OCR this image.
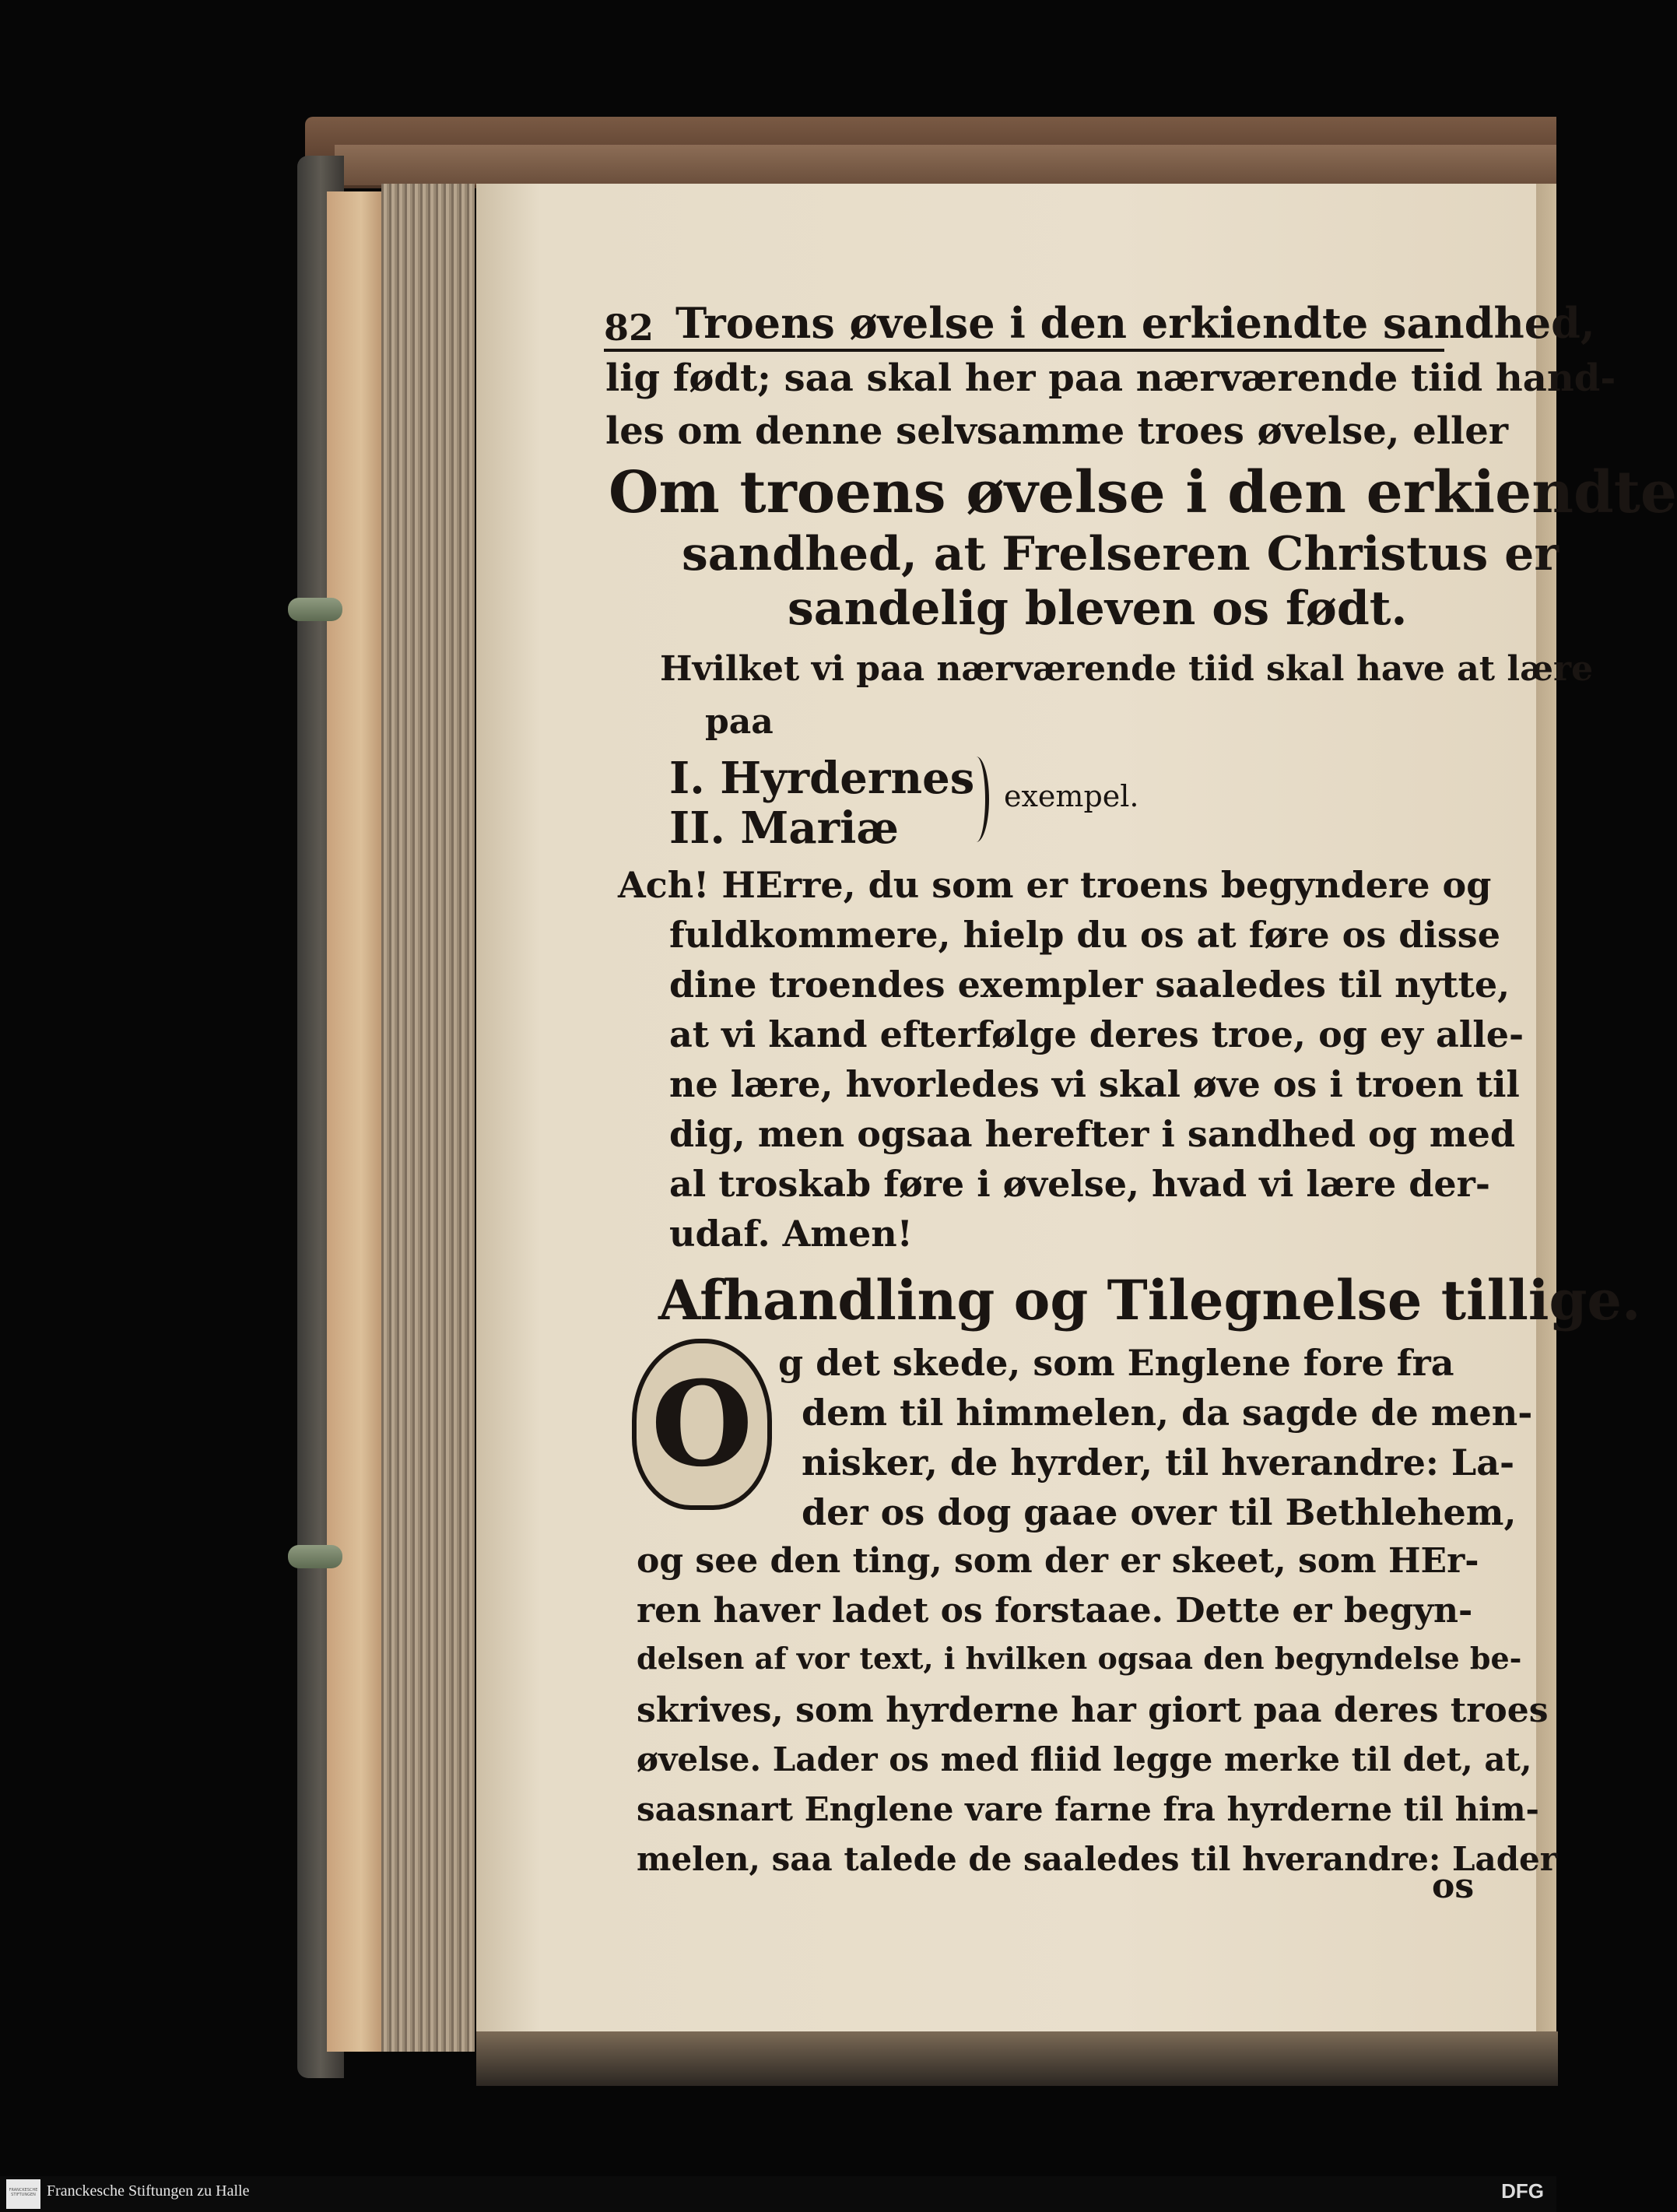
82 Troens øvelse i den erkiendte sandhed,
lig født; saa skal her paa nærværende tiid hand-
les om denne selvsamme troes øvelse, eller
Om troens øvelse i den erkiendte
sandhed, at Frelseren Christus er
sandelig bleven os født.
Hvilket vi paa nærværende tiid skal have at lære
paa
I. Hyrdernes
II. Mariæ
exempel.
Ach! HErre, du som er troens begyndere og
fuldkommere, hielp du os at føre os disse
dine troendes exempler saaledes til nytte,
at vi kand efterfølge deres troe, og ey alle-
ne lære, hvorledes vi skal øve os i troen til
dig, men ogsaa herefter i sandhed og med
al troskab føre i øvelse, hvad vi lære der-
udaf. Amen!
Afhandling og Tilegnelse tillige.
O g det skede, som Englene fore fra
dem til himmelen, da sagde de men-
nisker, de hyrder, til hverandre: La-
der os dog gaae over til Bethlehem,
og see den ting, som der er skeet, som HEr-
ren haver ladet os forstaae. Dette er begyn-
delsen af vor text, i hvilken ogsaa den begyndelse be-
skrives, som hyrderne har giort paa deres troes
øvelse. Lader os med fliid legge merke til det, at,
saasnart Englene vare farne fra hyrderne til him-
melen, saa talede de saaledes til hverandre: Lader
os
FRANCKESCHE STIFTUNGEN Franckesche Stiftungen zu Halle	DFG
